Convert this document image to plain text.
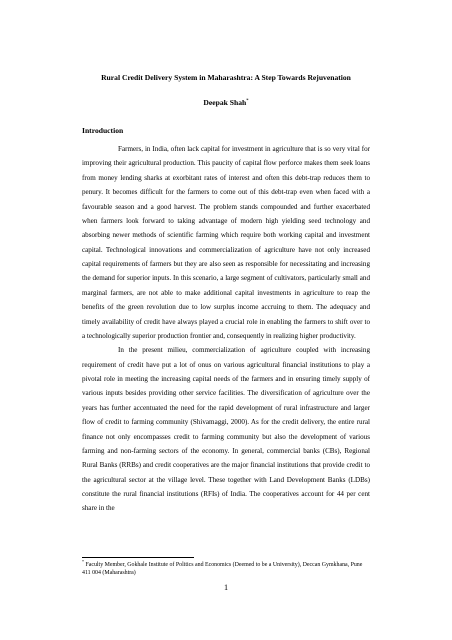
Rural Credit Delivery System in Maharashtra: A Step Towards Rejuvenation
Deepak Shah*
Introduction

Farmers, in India, often lack capital for investment in agriculture that is so very vital for improving their agricultural production. This paucity of capital flow perforce makes them seek loans from money lending sharks at exorbitant rates of interest and often this debt-trap reduces them to penury. It becomes difficult for the farmers to come out of this debt-trap even when faced with a favourable season and a good harvest. The problem stands compounded and further exacerbated when farmers look forward to taking advantage of modern high yielding seed technology and absorbing newer methods of scientific farming which require both working capital and investment capital. Technological innovations and commercialization of agriculture have not only increased capital requirements of farmers but they are also seen as responsible for necessitating and increasing the demand for superior inputs. In this scenario, a large segment of cultivators, particularly small and marginal farmers, are not able to make additional capital investments in agriculture to reap the benefits of the green revolution due to low surplus income accruing to them. The adequacy and timely availability of credit have always played a crucial role in enabling the farmers to shift over to a technologically superior production frontier and, consequently in realizing higher productivity.

In the present milieu, commercialization of agriculture coupled with increasing requirement of credit have put a lot of onus on various agricultural financial institutions to play a pivotal role in meeting the increasing capital needs of the farmers and in ensuring timely supply of various inputs besides providing other service facilities. The diversification of agriculture over the years has further accentuated the need for the rapid development of rural infrastructure and larger flow of credit to farming community (Shivamaggi, 2000). As for the credit delivery, the entire rural finance not only encompasses credit to farming community but also the development of various farming and non-farming sectors of the economy. In general, commercial banks (CBs), Regional Rural Banks (RRBs) and credit cooperatives are the major financial institutions that provide credit to the agricultural sector at the village level. These together with Land Development Banks (LDBs) constitute the rural financial institutions (RFIs) of India. The cooperatives account for 44 per cent share in the

* Faculty Member, Gokhale Institute of Politics and Economics (Deemed to be a University), Deccan Gymkhana, Pune 411 004 (Maharashtra)
1
